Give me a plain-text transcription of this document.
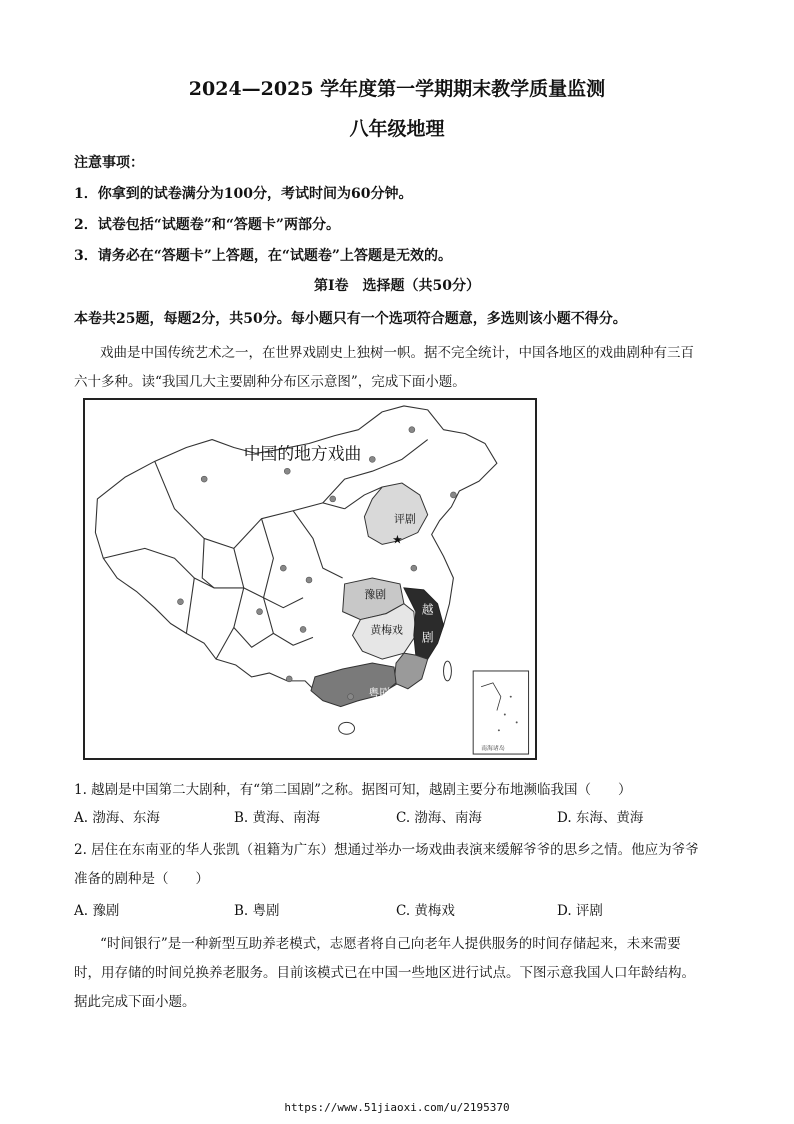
2024—2025 学年度第一学期期末教学质量监测
八年级地理
注意事项：
1．你拿到的试卷满分为100分，考试时间为60分钟。
2．试卷包括“试题卷”和“答题卡”两部分。
3．请务必在“答题卡”上答题，在“试题卷”上答题是无效的。
第Ⅰ卷　选择题（共50分）
本卷共25题，每题2分，共50分。每小题只有一个选项符合题意，多选则该小题不得分。
戏曲是中国传统艺术之一，在世界戏剧史上独树一帜。据不完全统计，中国各地区的戏曲剧种有三百
六十多种。读“我国几大主要剧种分布区示意图”，完成下面小题。
★
中国的地方戏曲
评剧
豫剧
黄梅戏
越
剧
粤剧
南海诸岛
1. 越剧是中国第二大剧种，有“第二国剧”之称。据图可知，越剧主要分布地濒临我国（　　）
A. 渤海、东海	B. 黄海、南海	C. 渤海、南海	D. 东海、黄海
2. 居住在东南亚的华人张凯（祖籍为广东）想通过举办一场戏曲表演来缓解爷爷的思乡之情。他应为爷爷
准备的剧种是（　　）
A. 豫剧	B. 粤剧	C. 黄梅戏	D. 评剧
“时间银行”是一种新型互助养老模式，志愿者将自己向老年人提供服务的时间存储起来，未来需要
时，用存储的时间兑换养老服务。目前该模式已在中国一些地区进行试点。下图示意我国人口年龄结构。
据此完成下面小题。
https://www.51jiaoxi.com/u/2195370
